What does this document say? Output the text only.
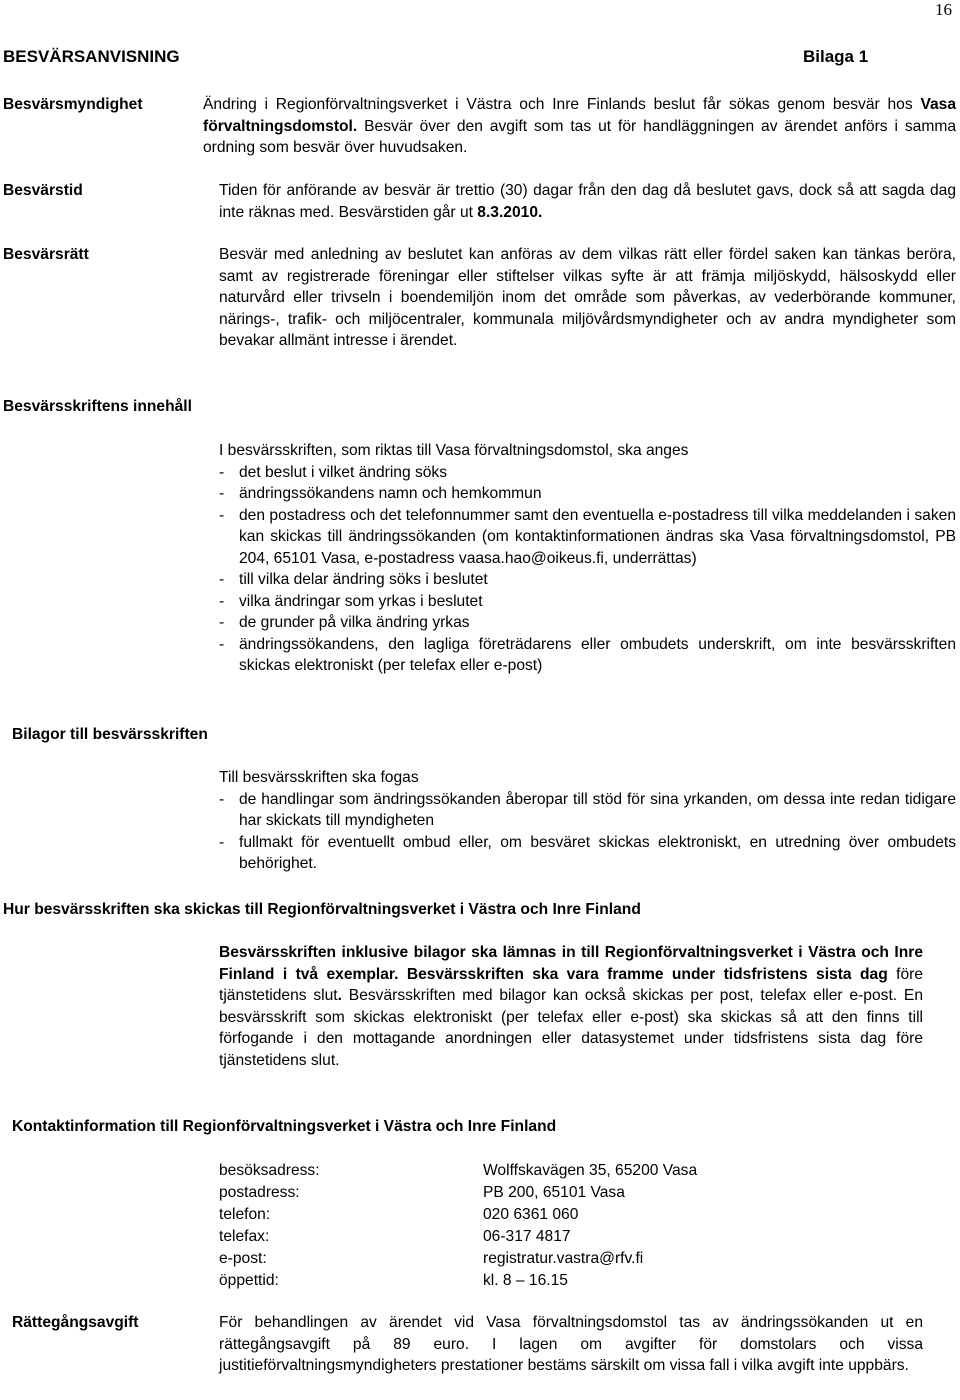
16
BESVÄRSANVISNING	Bilaga 1
Besvärsmyndighet	Ändring i Regionförvaltningsverket i Västra och Inre Finlands beslut får sökas genom besvär hos Vasa förvaltningsdomstol. Besvär över den avgift som tas ut för handläggningen av ärendet anförs i samma ordning som besvär över huvudsaken.
Besvärstid	Tiden för anförande av besvär är trettio (30) dagar från den dag då beslutet gavs, dock så att sagda dag inte räknas med. Besvärstiden går ut 8.3.2010.
Besvärsrätt	Besvär med anledning av beslutet kan anföras av dem vilkas rätt eller fördel saken kan tänkas beröra, samt av registrerade föreningar eller stiftelser vilkas syfte är att främja miljöskydd, hälsoskydd eller naturvård eller trivseln i boendemiljön inom det område som påverkas, av vederbörande kommuner, närings-, trafik- och miljöcentraler, kommunala miljövårdsmyndigheter och av andra myndigheter som bevakar allmänt intresse i ärendet.
Besvärsskriftens innehåll
I besvärsskriften, som riktas till Vasa förvaltningsdomstol, ska anges
- det beslut i vilket ändring söks
- ändringssökandens namn och hemkommun
- den postadress och det telefonnummer samt den eventuella e-postadress till vilka meddelanden i saken kan skickas till ändringssökanden (om kontaktinformationen ändras ska Vasa förvaltningsdomstol, PB 204, 65101 Vasa, e-postadress vaasa.hao@oikeus.fi, underrättas)
- till vilka delar ändring söks i beslutet
- vilka ändringar som yrkas i beslutet
- de grunder på vilka ändring yrkas
- ändringssökandens, den lagliga företrädarens eller ombudets underskrift, om inte besvärsskriften skickas elektroniskt (per telefax eller e-post)
Bilagor till besvärsskriften
Till besvärsskriften ska fogas
- de handlingar som ändringssökanden åberopar till stöd för sina yrkanden, om dessa inte redan tidigare har skickats till myndigheten
- fullmakt för eventuellt ombud eller, om besväret skickas elektroniskt, en utredning över ombudets behörighet.
Hur besvärsskriften ska skickas till Regionförvaltningsverket i Västra och Inre Finland
Besvärsskriften inklusive bilagor ska lämnas in till Regionförvaltningsverket i Västra och Inre Finland i två exemplar. Besvärsskriften ska vara framme under tidsfristens sista dag före tjänstetidens slut. Besvärsskriften med bilagor kan också skickas per post, telefax eller e-post. En besvärsskrift som skickas elektroniskt (per telefax eller e-post) ska skickas så att den finns till förfogande i den mottagande anordningen eller datasystemet under tidsfristens sista dag före tjänstetidens slut.
Kontaktinformation till Regionförvaltningsverket i Västra och Inre Finland
besöksadress:	Wolffskavägen 35, 65200 Vasa
postadress:	PB 200, 65101 Vasa
telefon:	020 6361 060
telefax:	06-317 4817
e-post:	registratur.vastra@rfv.fi
öppettid:	kl. 8 – 16.15
Rättegångsavgift	För behandlingen av ärendet vid Vasa förvaltningsdomstol tas av ändringssökanden ut en rättegångsavgift på 89 euro. I lagen om avgifter för domstolars och vissa justitieförvaltningsmyndigheters prestationer bestäms särskilt om vissa fall i vilka avgift inte uppbärs.
